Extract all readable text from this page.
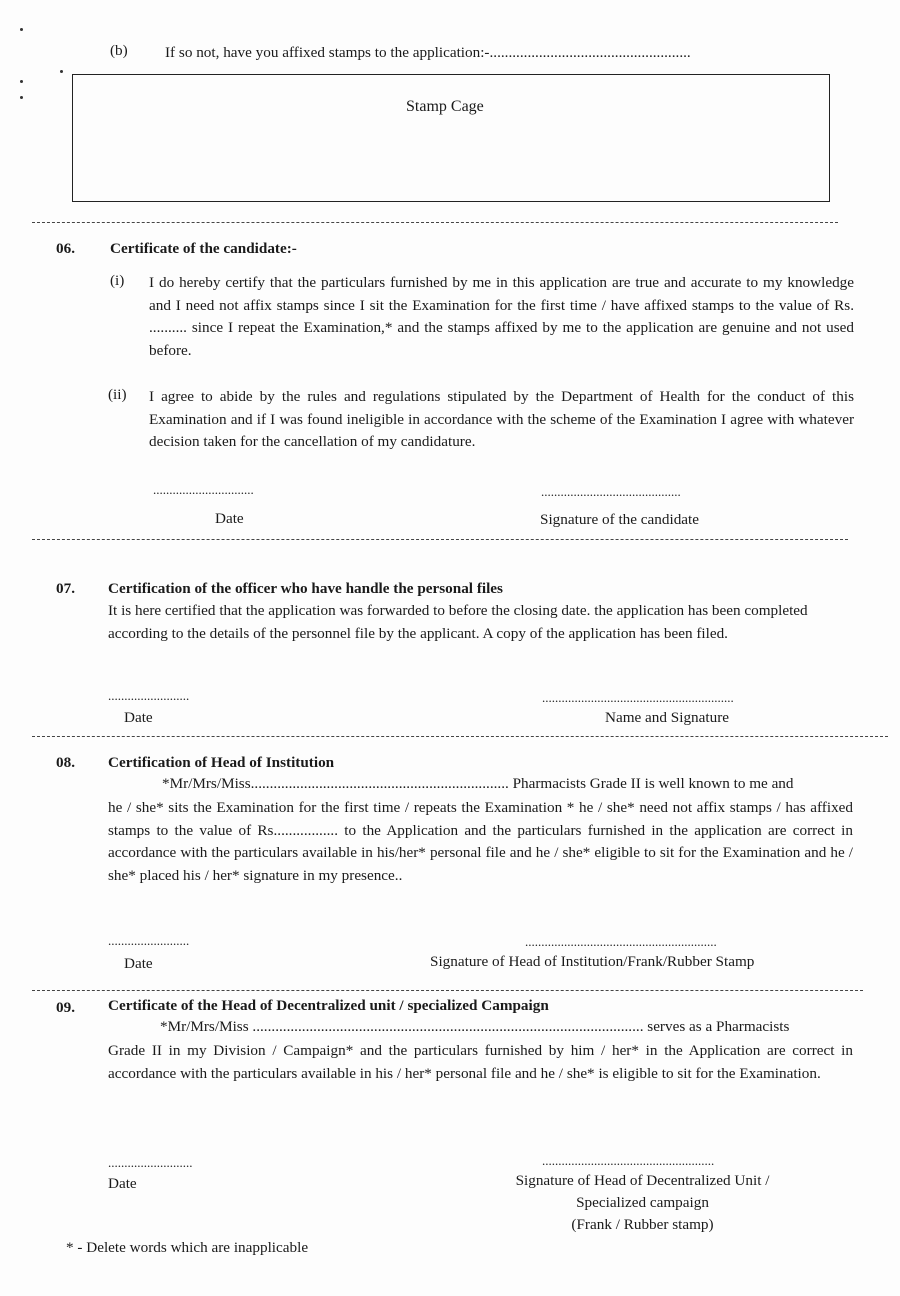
(b) If so not, have you affixed stamps to the application:-.....................................................
Stamp Cage
06. Certificate of the candidate:-
(i) I do hereby certify that the particulars furnished by me in this application are true and accurate to my knowledge and I need not affix stamps since I sit the Examination for the first time / have affixed stamps to the value of Rs. .......... since I repeat the Examination,* and the stamps affixed by me to the application are genuine and not used before.
(ii) I agree to abide by the rules and regulations stipulated by the Department of Health for the conduct of this Examination and if I was found ineligible in accordance with the scheme of the Examination I agree with whatever decision taken for the cancellation of my candidature.
...............................
Date
...........................................
Signature of the candidate
07. Certification of the officer who have handle the personal files
It is here certified that the application was forwarded to before the closing date. the application has been completed according to the details of the personnel file by the applicant. A copy of the application has been filed.
.........................
Date
...........................................................
Name and Signature
08. Certification of Head of Institution
*Mr/Mrs/Miss.................................................................... Pharmacists Grade II is well known to me and
he / she* sits the Examination for the first time / repeats the Examination * he / she* need not affix stamps / has affixed stamps to the value of Rs................. to the Application and the particulars furnished in the application are correct in accordance with the particulars available in his/her* personal file and he / she* eligible to sit for the Examination and he / she* placed his / her* signature in my presence..
.........................
Date
...........................................................
Signature of Head of Institution/Frank/Rubber Stamp
09. Certificate of the Head of Decentralized unit / specialized Campaign
*Mr/Mrs/Miss ....................................................................................................... serves as a Pharmacists
Grade II in my Division / Campaign* and the particulars furnished by him / her* in the Application are correct in accordance with the particulars available in his / her* personal file and he / she* is eligible to sit for the Examination.
..........................
Date
.....................................................
Signature of Head of Decentralized Unit /
Specialized campaign
(Frank / Rubber stamp)
* - Delete words which are inapplicable
